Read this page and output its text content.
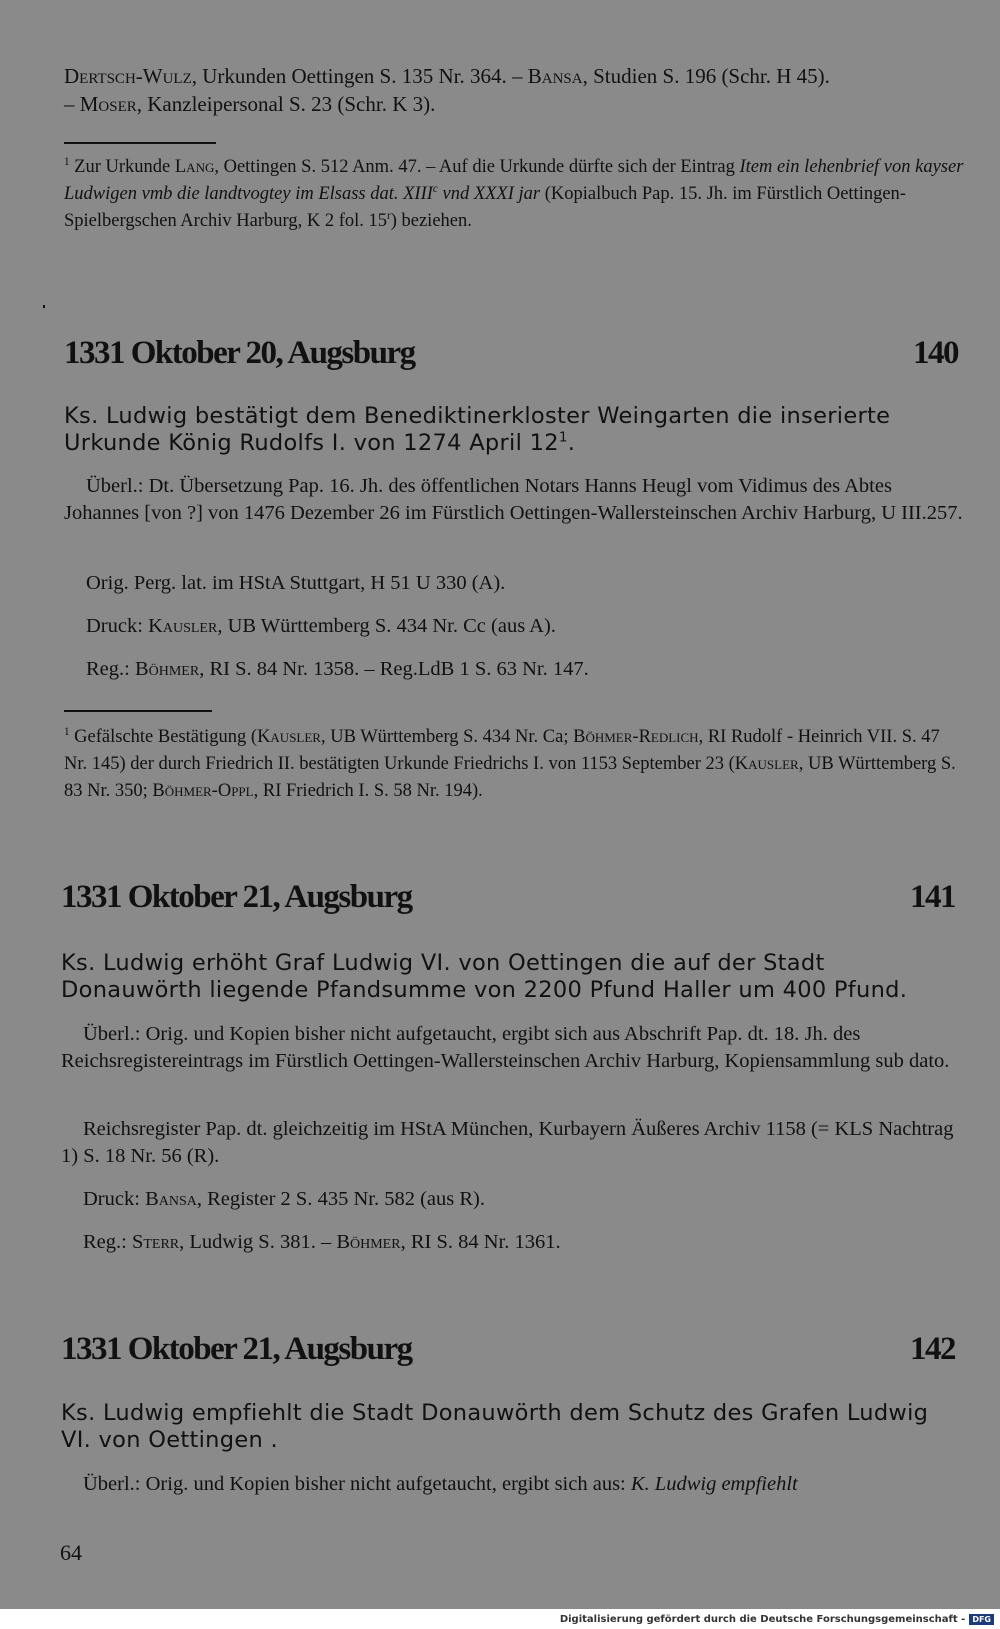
Dertsch-Wulz, Urkunden Oettingen S. 135 Nr. 364. – Bansa, Studien S. 196 (Schr. H 45).
– Moser, Kanzleipersonal S. 23 (Schr. K 3).
$^1$ Zur Urkunde Lang, Oettingen S. 512 Anm. 47. – Auf die Urkunde dürfte sich der Eintrag Item ein lehenbrief von kayser Ludwigen vmb die landtvogtey im Elsass dat. XIII$^c$ vnd XXXI jar (Kopialbuch Pap. 15. Jh. im Fürstlich Oettingen-Spielbergschen Archiv Harburg, K 2 fol. 15$^r$) beziehen.
1331 Oktober 20, Augsburg	140
Ks. Ludwig bestätigt dem Benediktinerkloster Weingarten die inserierte Urkunde König Rudolfs I. von 1274 April $12^1$.
Überl.: Dt. Übersetzung Pap. 16. Jh. des öffentlichen Notars Hanns Heugl vom Vidimus des Abtes Johannes [von ?] von 1476 Dezember 26 im Fürstlich Oettingen-Wallersteinschen Archiv Harburg, U III.257.
Orig. Perg. lat. im HStA Stuttgart, H 51 U 330 (A).
Druck: Kausler, UB Württemberg S. 434 Nr. Cc (aus A).
Reg.: Böhmer, RI S. 84 Nr. 1358. – Reg.LdB 1 S. 63 Nr. 147.
$^1$ Gefälschte Bestätigung (Kausler, UB Württemberg S. 434 Nr. Ca; Böhmer-Redlich, RI Rudolf - Heinrich VII. S. 47 Nr. 145) der durch Friedrich II. bestätigten Urkunde Friedrichs I. von 1153 September 23 (Kausler, UB Württemberg S. 83 Nr. 350; Böhmer-Oppl, RI Friedrich I. S. 58 Nr. 194).
1331 Oktober 21, Augsburg	141
Ks. Ludwig erhöht Graf Ludwig VI. von Oettingen die auf der Stadt Donauwörth liegende Pfandsumme von 2200 Pfund Haller um 400 Pfund.
Überl.: Orig. und Kopien bisher nicht aufgetaucht, ergibt sich aus Abschrift Pap. dt. 18. Jh. des Reichsregistereintrags im Fürstlich Oettingen-Wallersteinschen Archiv Harburg, Kopiensammlung sub dato.
Reichsregister Pap. dt. gleichzeitig im HStA München, Kurbayern Äußeres Archiv 1158 (= KLS Nachtrag 1) S. 18 Nr. 56 (R).
Druck: Bansa, Register 2 S. 435 Nr. 582 (aus R).
Reg.: Sterr, Ludwig S. 381. – Böhmer, RI S. 84 Nr. 1361.
1331 Oktober 21, Augsburg	142
Ks. Ludwig empfiehlt die Stadt Donauwörth dem Schutz des Grafen Ludwig VI. von Oettingen .
Überl.: Orig. und Kopien bisher nicht aufgetaucht, ergibt sich aus: K. Ludwig empfiehlt
64
Digitalisierung gefördert durch die Deutsche Forschungsgemeinschaft - DFG
